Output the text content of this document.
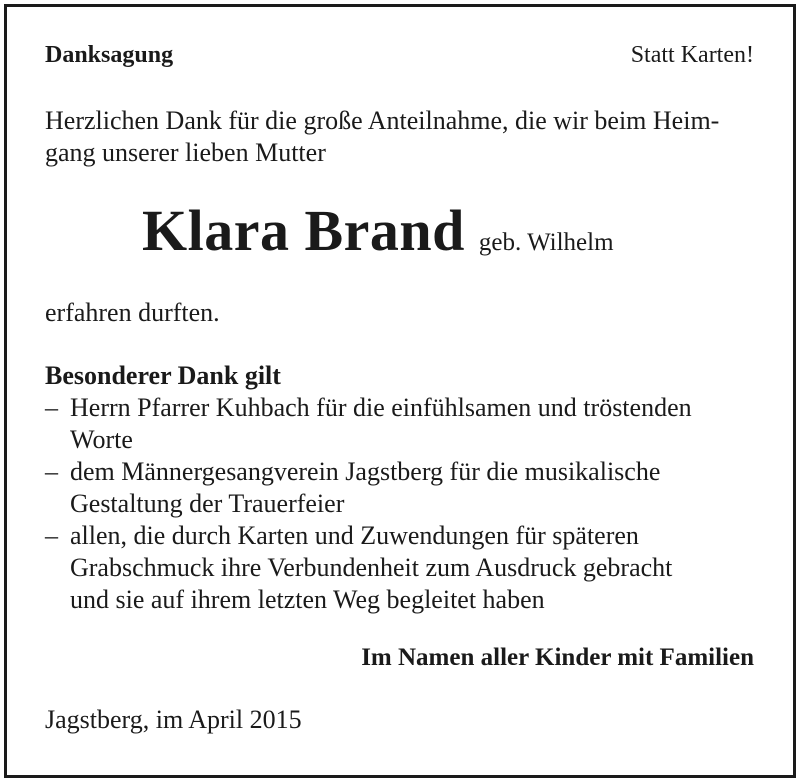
Danksagung	Statt Karten!

Herzlichen Dank für die große Anteilnahme, die wir beim Heim-
gang unserer lieben Mutter
Klara Brand geb. Wilhelm

erfahren durften.

Besonderer Dank gilt

– Herrn Pfarrer Kuhbach für die einfühlsamen und tröstenden
Worte
– dem Männergesangverein Jagstberg für die musikalische
Gestaltung der Trauerfeier
– allen, die durch Karten und Zuwendungen für späteren
Grabschmuck ihre Verbundenheit zum Ausdruck gebracht
und sie auf ihrem letzten Weg begleitet haben

Im Namen aller Kinder mit Familien

Jagstberg, im April 2015
